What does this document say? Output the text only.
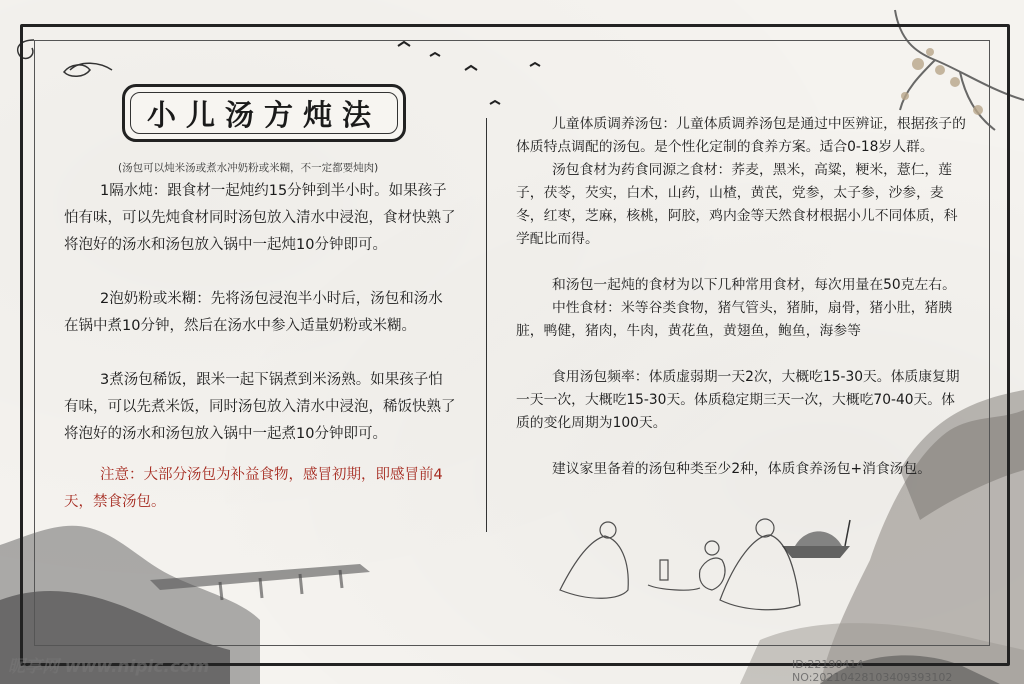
小儿汤方炖法
(汤包可以炖米汤或煮水冲奶粉或米糊，不一定都要炖肉)

1隔水炖：跟食材一起炖约15分钟到半小时。如果孩子怕有味，可以先炖食材同时汤包放入清水中浸泡，食材快熟了将泡好的汤水和汤包放入锅中一起炖10分钟即可。

2泡奶粉或米糊：先将汤包浸泡半小时后，汤包和汤水在锅中煮10分钟，然后在汤水中参入适量奶粉或米糊。

3煮汤包稀饭，跟米一起下锅煮到米汤熟。如果孩子怕有味，可以先煮米饭，同时汤包放入清水中浸泡，稀饭快熟了将泡好的汤水和汤包放入锅中一起煮10分钟即可。

注意：大部分汤包为补益食物，感冒初期，即感冒前4天，禁食汤包。

儿童体质调养汤包：儿童体质调养汤包是通过中医辨证，根据孩子的体质特点调配的汤包。是个性化定制的食养方案。适合0-18岁人群。

汤包食材为药食同源之食材：荞麦，黑米，高粱，粳米，薏仁，莲子，茯苓，芡实，白术，山药，山楂，黄芪，党参，太子参，沙参，麦冬，红枣，芝麻，核桃，阿胶，鸡内金等天然食材根据小儿不同体质，科学配比而得。

和汤包一起炖的食材为以下几种常用食材，每次用量在50克左右。

中性食材：米等谷类食物，猪气管头，猪肺，扇骨，猪小肚，猪胰脏，鸭健，猪肉，牛肉，黄花鱼，黄翅鱼，鲍鱼，海参等

食用汤包频率：体质虚弱期一天2次，大概吃15-30天。体质康复期一天一次，大概吃15-30天。体质稳定期三天一次，大概吃70-40天。体质的变化周期为100天。

建议家里备着的汤包种类至少2种，体质食养汤包+消食汤包。

昵享网 www.nipic.com	ID:22190414 NO:20210428103409393102
